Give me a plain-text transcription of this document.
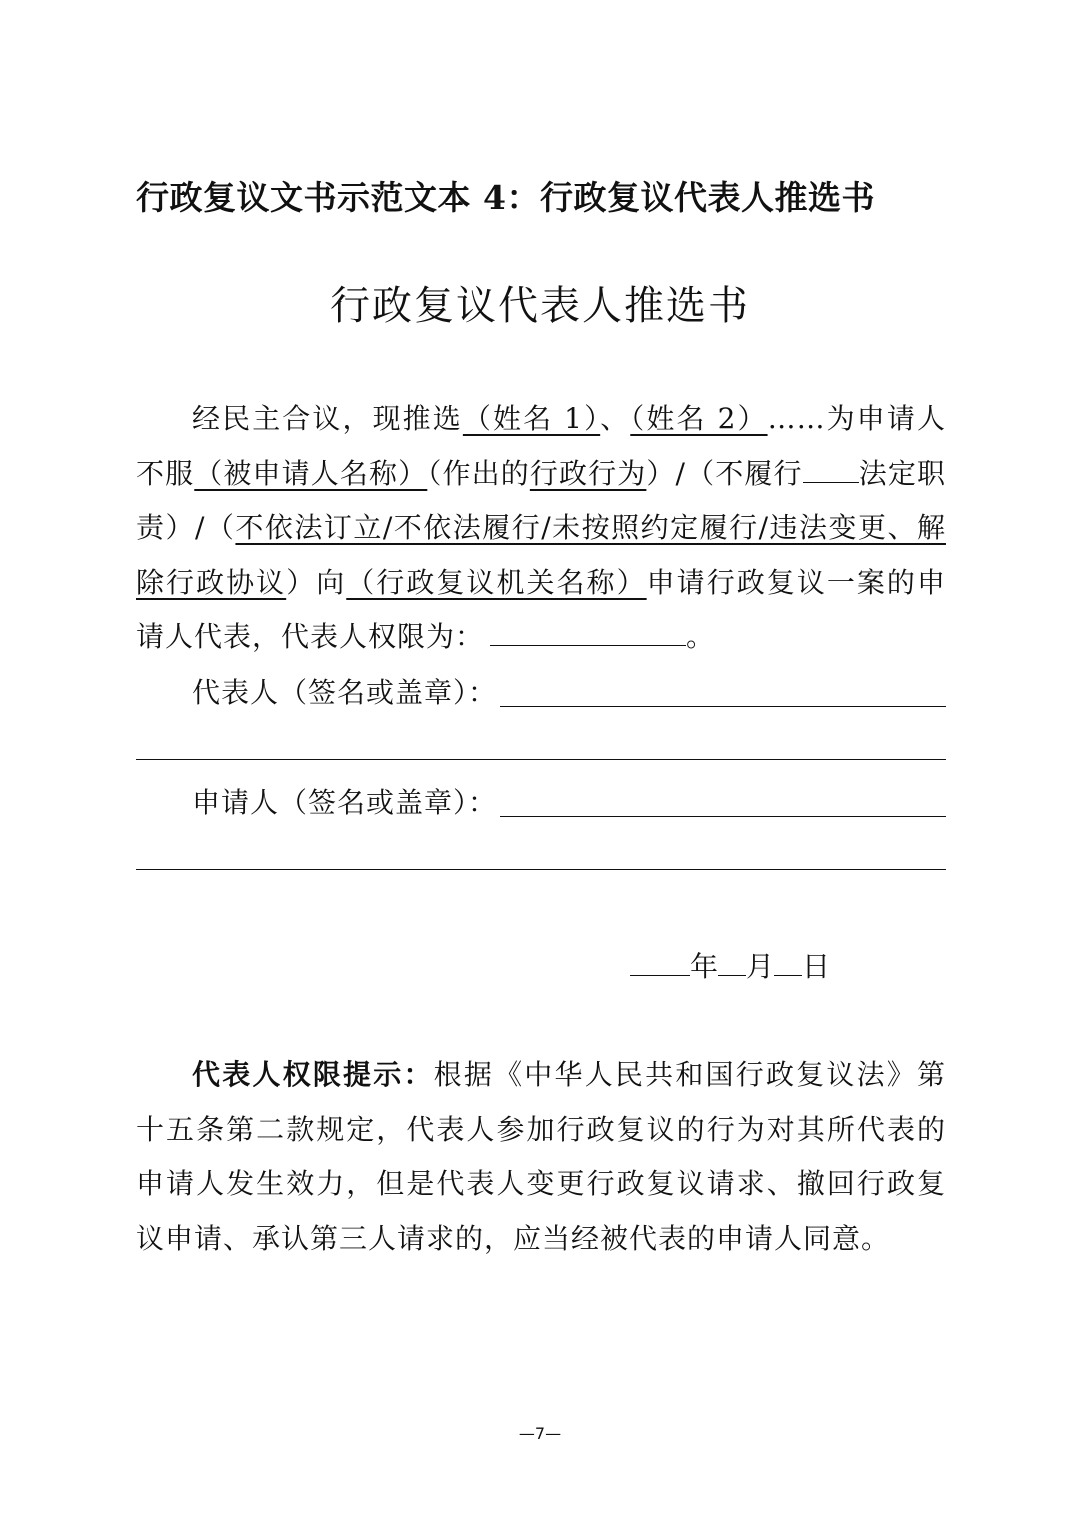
行政复议文书示范文本 4：行政复议代表人推选书
行政复议代表人推选书
经民主合议，现推选（姓名 1）、（姓名 2）……为申请人不服（被申请人名称）（作出的行政行为）/（不履行 法定职责）/（不依法订立/不依法履行/未按照约定履行/违法变更、解除行政协议）向（行政复议机关名称）申请行政复议一案的申请人代表，代表人权限为：	。
代表人（签名或盖章）：
申请人（签名或盖章）：
年 月 日
代表人权限提示：根据《中华人民共和国行政复议法》第十五条第二款规定，代表人参加行政复议的行为对其所代表的申请人发生效力，但是代表人变更行政复议请求、撤回行政复议申请、承认第三人请求的，应当经被代表的申请人同意。
—7—
